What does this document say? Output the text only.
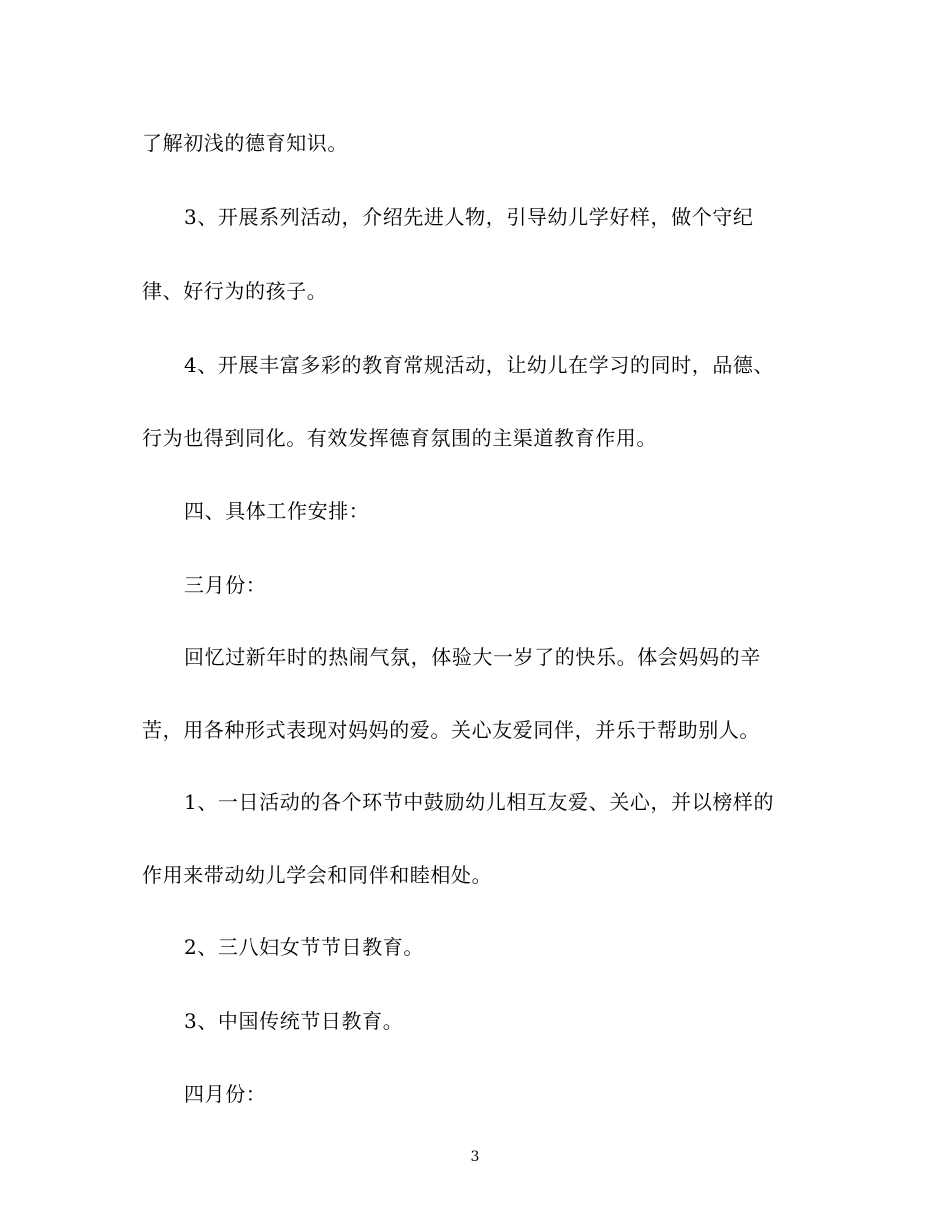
了解初浅的德育知识。
3、开展系列活动，介绍先进人物，引导幼儿学好样，做个守纪
律、好行为的孩子。
4、开展丰富多彩的教育常规活动，让幼儿在学习的同时，品德、
行为也得到同化。有效发挥德育氛围的主渠道教育作用。
四、具体工作安排：
三月份：
回忆过新年时的热闹气氛，体验大一岁了的快乐。体会妈妈的辛
苦，用各种形式表现对妈妈的爱。关心友爱同伴，并乐于帮助别人。
1、一日活动的各个环节中鼓励幼儿相互友爱、关心，并以榜样的
作用来带动幼儿学会和同伴和睦相处。
2、三八妇女节节日教育。
3、中国传统节日教育。
四月份：
3
